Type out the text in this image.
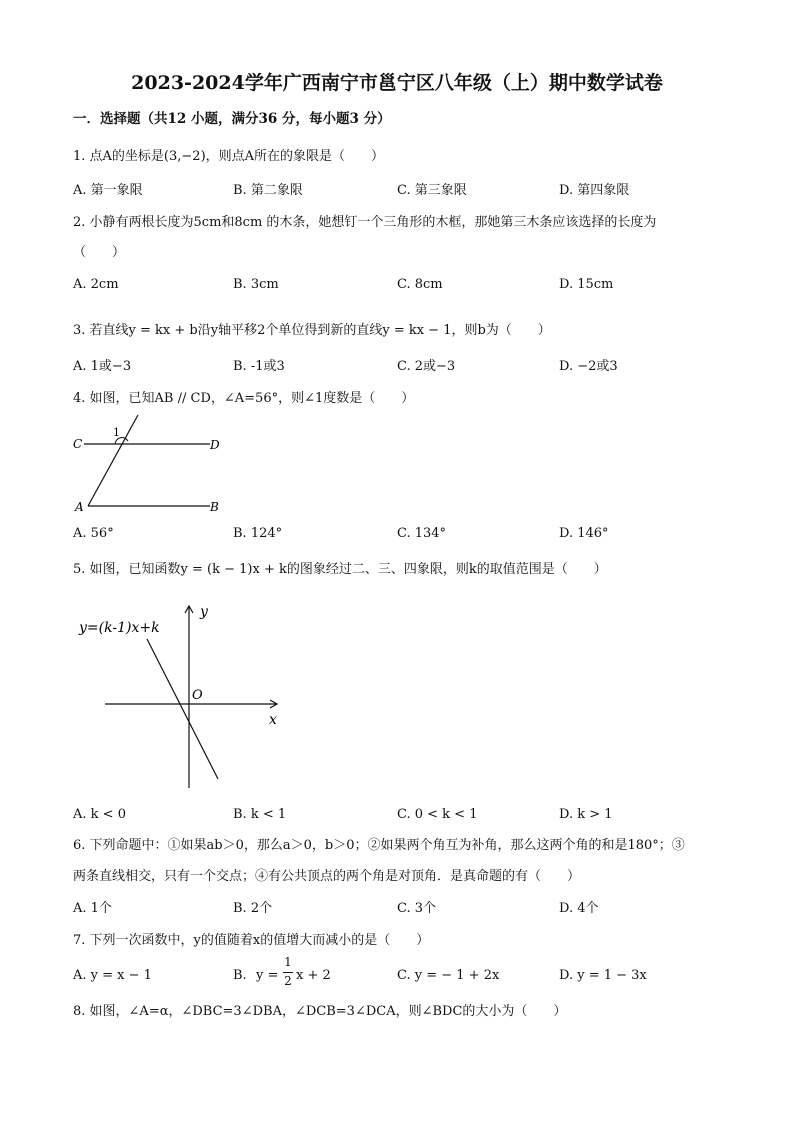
2023-2024学年广西南宁市邕宁区八年级（上）期中数学试卷
一．选择题（共12 小题，满分36 分，每小题3 分）
1. 点A的坐标是(3,−2)，则点A所在的象限是（　　）
A. 第一象限	B. 第二象限	C. 第三象限	D. 第四象限
2. 小静有两根长度为5cm和8cm 的木条，她想钉一个三角形的木框，那她第三木条应该选择的长度为
（　　）
A. 2cm	B. 3cm	C. 8cm	D. 15cm
3. 若直线y = kx + b沿y轴平移2个单位得到新的直线y = kx − 1，则b为（　　）
A. 1或−3	B. -1或3	C. 2或−3	D. −2或3
4. 如图，已知AB // CD，∠A=56°，则∠1度数是（　　）
C	D
A	B
1
A. 56°	B. 124°	C. 134°	D. 146°
5. 如图，已知函数y = (k − 1)x + k的图象经过二、三、四象限，则k的取值范围是（　　）
y=(k-1)x+k
y
x
O
A. k < 0	B. k < 1	C. 0 < k < 1	D. k > 1
6. 下列命题中：①如果ab＞0，那么a＞0，b＞0；②如果两个角互为补角，那么这两个角的和是180°；③
两条直线相交，只有一个交点；④有公共顶点的两个角是对顶角．是真命题的有（　　）
A. 1个	B. 2个	C. 3个	D. 4个
7. 下列一次函数中，y的值随着x的值增大而减小的是（　　）
A. y = x − 1	B. y =
1
2 x + 2	C. y = − 1 + 2x	D. y = 1 − 3x
8. 如图，∠A=α，∠DBC=3∠DBA，∠DCB=3∠DCA，则∠BDC的大小为（　　）
